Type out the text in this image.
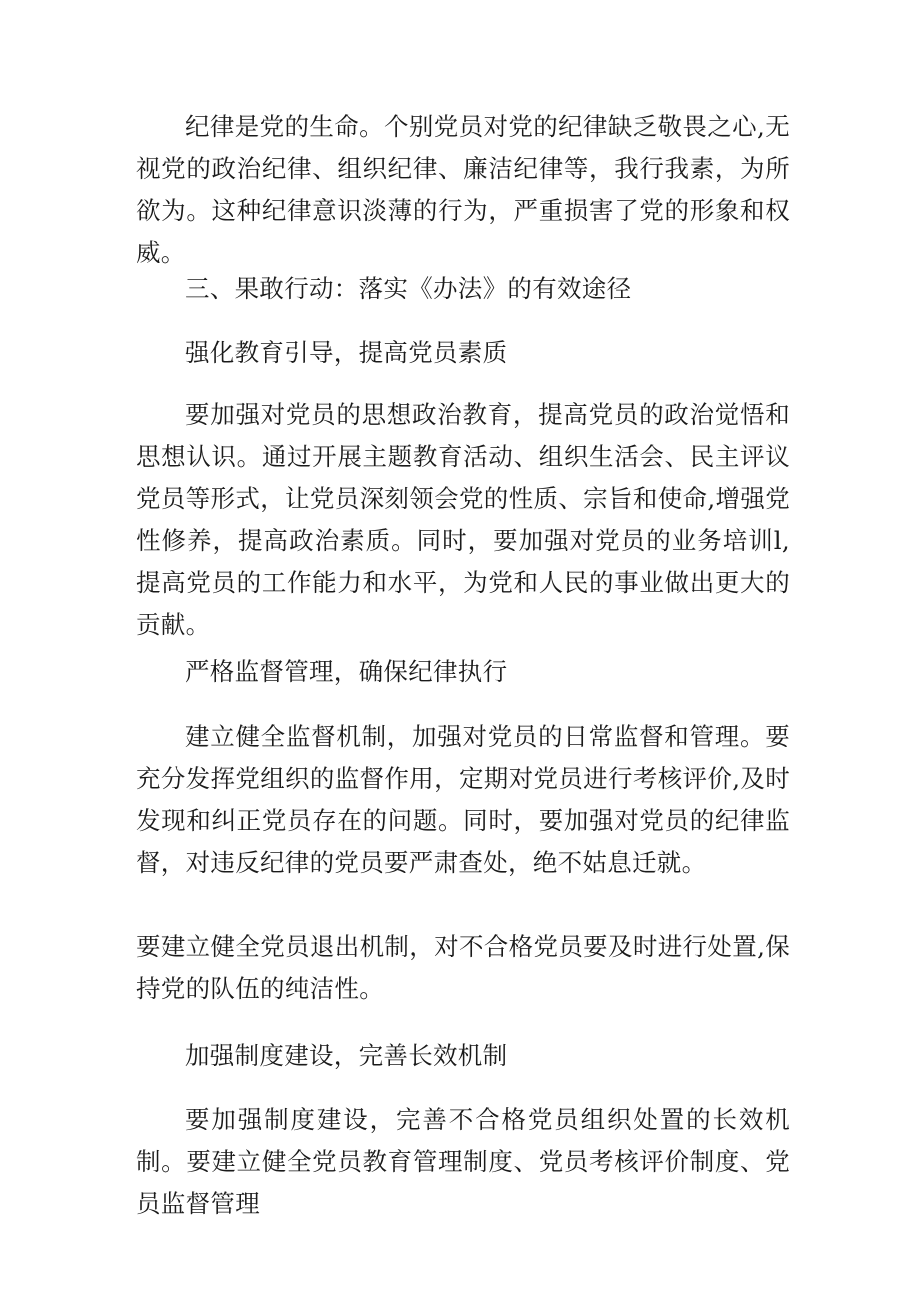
纪律是党的生命。个别党员对党的纪律缺乏敬畏之心,无视党的政治纪律、组织纪律、廉洁纪律等，我行我素，为所欲为。这种纪律意识淡薄的行为，严重损害了党的形象和权威。

三、果敢行动：落实《办法》的有效途径

强化教育引导，提高党员素质

要加强对党员的思想政治教育，提高党员的政治觉悟和思想认识。通过开展主题教育活动、组织生活会、民主评议党员等形式，让党员深刻领会党的性质、宗旨和使命,增强党性修养，提高政治素质。同时，要加强对党员的业务培训l,提高党员的工作能力和水平，为党和人民的事业做出更大的贡献。

严格监督管理，确保纪律执行

建立健全监督机制，加强对党员的日常监督和管理。要充分发挥党组织的监督作用，定期对党员进行考核评价,及时发现和纠正党员存在的问题。同时，要加强对党员的纪律监督，对违反纪律的党员要严肃查处，绝不姑息迁就。

要建立健全党员退出机制，对不合格党员要及时进行处置,保持党的队伍的纯洁性。

加强制度建设，完善长效机制

要加强制度建设，完善不合格党员组织处置的长效机制。要建立健全党员教育管理制度、党员考核评价制度、党员监督管理
